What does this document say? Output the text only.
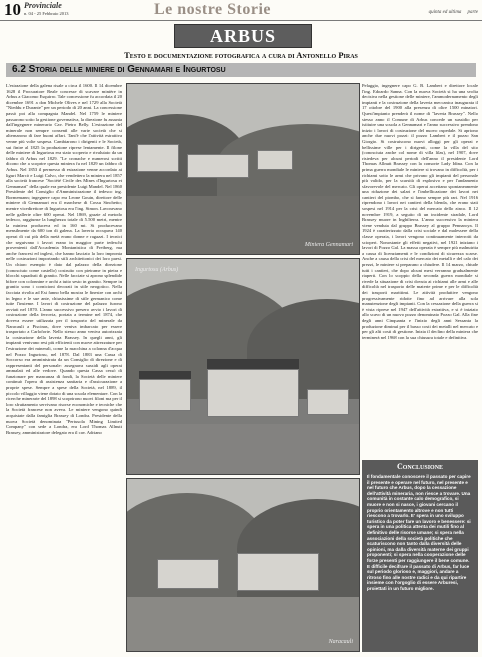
10 Provinciale
n. 04 - 25 Febbraio 2013	Le nostre Storie	quinta ed ultima parte
ARBUS
Testo e documentazione fotografica a cura di Antonello Piras
6.2 Storia delle miniere di Gennamari e Ingurtosu

L'estrazione della galena risale a circa il 1600. Il 14 dicembre 1628 il Procuratore Reale concesse di scavare minière in Arbus a Giacomo Esquirro. Tale concessione fu accordata il 20 dicembre 1691 a don Michele Olives e nel 1729 alla Società "Nieddu e Durante" per un periodo di 20 anni. La concessione passò poi alla compagnia Mandel. Nel 1759 le miniere passarono sotto la gestione governativa, la direzione fu assunta dall'ingegnere minerario Cav. Pietro Belly. L'estrazione del minerale non sempre consentì alle varie società che si alternarono di fare buoni affari. Tant'è che l'attività estrattiva venne più volte sospesa. Cambiarono i dirigenti e le Società, sui finire al 1825 la produzione riprese lentamente. Il filone delle miniere di Ingurtosu era stato scoperto e rivalutato da un fabbro di Arbus nel 1829. "Le cronache e numerosi scritti dicono che a scoprire questa miniera fu nel 1829 un fabbro di Arbus. Nel 1853 il permesso di estrazione venne accordato ai liguri Marcò e Luigi Calvo, che vendettero la miniera nel 1857 alla società francese "Société Civile des Mines d'Ingurtosu et Gennamari" della quale era presidente Luigi Mandel. Nel 1860 Presidente del Consiglio d'Amministrazione il tedesco ing. Bormemann; ingegnere capo era Leone Gouin, direttore delle miniere di Gennamari era il marchese di Cossu Sinchetto; mentre vicedirettore di Ingurtosu era l'ing. Simon. Lavoravano nelle gallerie oltre 600 operai. Nel 1869, grazie al metodo tedesco, raggiunse la lunghezza totale di 5.500 metri, mentre la miniera produceva ed in 160 mt. Si producevano mensilmente da 600 ton di galena. La laveria occupava 140 operai di cui più della metà erano donne e ragazzi. I tecnici che seguivano i lavori erano in maggior parte tedeschi provenienti dall'Accademia Montanistica di Freiberg, ma anche francesi ed inglesi, che hanno lasciato la loro impronta nelle costruzioni importando stili architettonici dei loro paesi. Un chiaro esempio è dato dal palazzo della direzione (conosciuto come castello) costruito con pietrame in pietra e blocchi squadrati di granito. Nelle facciate si aprono splendide bifore con colonnine e archi a tutto sesto in granito. Sempre in granito sono i cornicioni decorati in stile neogotico. Nella facciata rivolta ad Est fanno bella mostra le finestre con archi in legno e le sue ante, chiusissime di stile germanico come tutte l'insieme. I lavori di costruzione del palazzo furono avviati nel 1870. L'anno successivo presero avvio i lavori di costruzione della ferrovia, portata a termine nel 1874, che doveva essere utilizzata per il trasporto del minerale da Naracauli a Piscinas, dove veniva imbarcato per essere trasportato a Carloforte. Nello stesso anno veniva autorizzata la costruzione della laveria Brassey. In quegli anni, gli impianti venivano resi più efficienti con nuove attrezzature per l'estrazione dei minerali, come la macchina a colonna d'acqua nel Pozzo Ingurtosu, nel 1878. Dal 1883 una Cassa di Soccorso era amministrata da un Consiglio di direzione e di rappresentanti del personale: assegnava sussidi agli operai ammalati ed alle vedove. Quando questa Cassa cessò di funzionare per mancanza di fondi, la Società delle miniere continuò l'opera di assistenza sanitaria e d'assicurazione a proprie spese. Sempre a spese della Società, nel 1889, il piccolo villaggio viene dotato di una scuola elementare. Con la ricerche minerarie del 1898 si scoprirono nuovi filoni ma per il loro sfruttamento servivano risorse economiche e tecniche che la Società francese non aveva. Le miniere vengono quindi acquistate dalla famiglia Brassey di Londra. Presidente della nuova Società denominata "Pertusola Mining Limited Company" con sede a Londra, era Lord Thomas Allnutt Brassey, amministratore delegato era il cav. Adriano

Miniera Gennamari
Ingurtosu (Arbus)
Naracauli

Pelaggio, ingegnere capo G. B. Lambert e direttore locale l'ing. Edoardo Sanna. Con la nuova Società si ha una svolta decisiva nella gestione delle miniere, l'ammodernamento degli impianti e la costruzione della laveria meccanica inaugurata il 17 ottobre del 1900 alla presenza di oltre 1500 minatori. Quest'impianto prenderà il nome di "laveria Brassey". Nello stesso anno il Comune di Arbus concede un sussidio per istituire una scuola a Gennamari e l'anno successivo prendono inizio i lavori di costruzione del nuovo ospedale. Si apriono anche due nuovi pozzi: il pozzo Lambert e il pozzo San Giorgio. Si costruiscono nuovi alloggi per gli operai e bellissime ville per i dirigenti, come la villa del sito (conosciuta anche col nome di villa lilas), nel 1907, dove risiedeva per alcuni periodi dell'anno il presidente Lord Thomas Allnutt Brassey con la consorte Lady Idina. Con la prima guerra mondiale le miniere si trovano in difficoltà, per i richiami sotto le armi che privano gli impianti del personale più valido, per la scarsità di esplosivo e per l'andamento sfavorevole del mercato. Gli operai accettano spontaneamente una riduzione dei salari e l'imbellicazione dei lavori nei cantieri del piombo, che si fanno sempre più rari. Nel 1916 riprendono i lavori nei cantieri della blenda, che erano stati sospesi nel 1914 per la crisi del mercato dello zinco. Il 12 novembre 1919, a seguito di un incidente stradale, Lord Brassey muore in Inghilterra. L'anno successivo la miniera viene venduta dal gruppo Brassey al gruppo Pennaroya. Il 1924 è caratterizzato dalla crisi sociale e dal malessere della classe operaia, i lavori vengono continuamente interrotti da scioperi. Nonostante gli effetti negativi, nel 1921 iniziano i lavori di Pozzo Gal. La massa operaia è sempre più malnutrita a causa di licenziamenti e le condizioni di sicurezza scarse. Anche a causa della crisi del mercato dei metalli e del calo dei prezzi, le miniere si preparano a chiudere. Il 14 marzo, chiude tutti i cantieri, che dopo alcuni mesi verranno gradualmente riaperti. Con lo scoppio della seconda guerra mondiale si rivede la situazione di crisi dovuta ai richiami alle armi e alle difficoltà nel trasporto delle materie prime e per le difficoltà dei trasporti marittimi. Le attività produttive vengono progressivamente ridotte fino ad arrivare alla sola manutenzione degli impianti. Con la cessazione della guerra si è vista riprese nel 1947 dell'attività estrattiva, e si è iniziato allo scavo di un nuovo pozzo denominato Pozzo Gal. Alla fine degli anni Cinquanta e l'inizio degli anni Sessanta la produzione diminuì per il basso costi dei metalli nel mercato e per gli alti costi di gestione. Inizia il declino della miniera che terminerà nel 1968 con la sua chiusura totale e definitiva.

Conclusione
Il fondamentale conoscere il passato per capire il presente e operare nel futuro, nel presente e nel futuro che Arbus, dopo la cessazione dell'attività mineraria, non riesce a trovare. Una comunità in costante calo demografico, si muore e non si nasce, i giovani cercano il proprio orientamento altrove e non tutti riescono a trovarlo. E' spera in uno sviluppo turistico da poter fare un lavoro e benessere: si spera in una politica attenta dei mutili fino al definitivo delle risorse umane; si spera nella associazioni della società politiche che scaturiscono non tanto dalla diversità delle opinioni, ma dalla diversità materne dei gruppi proponenti; si spera nella cooperazione delle forze presenti per raggiungere il bene comune. E difficile decifrare il passato di Arbus, far luce sul periodo glorioso e, maggiori, andare a ritroso fino alle nostre radici e da qui ripartire insieme con l'orgoglio di essere Arburesi, proiettati in un futuro migliore.
